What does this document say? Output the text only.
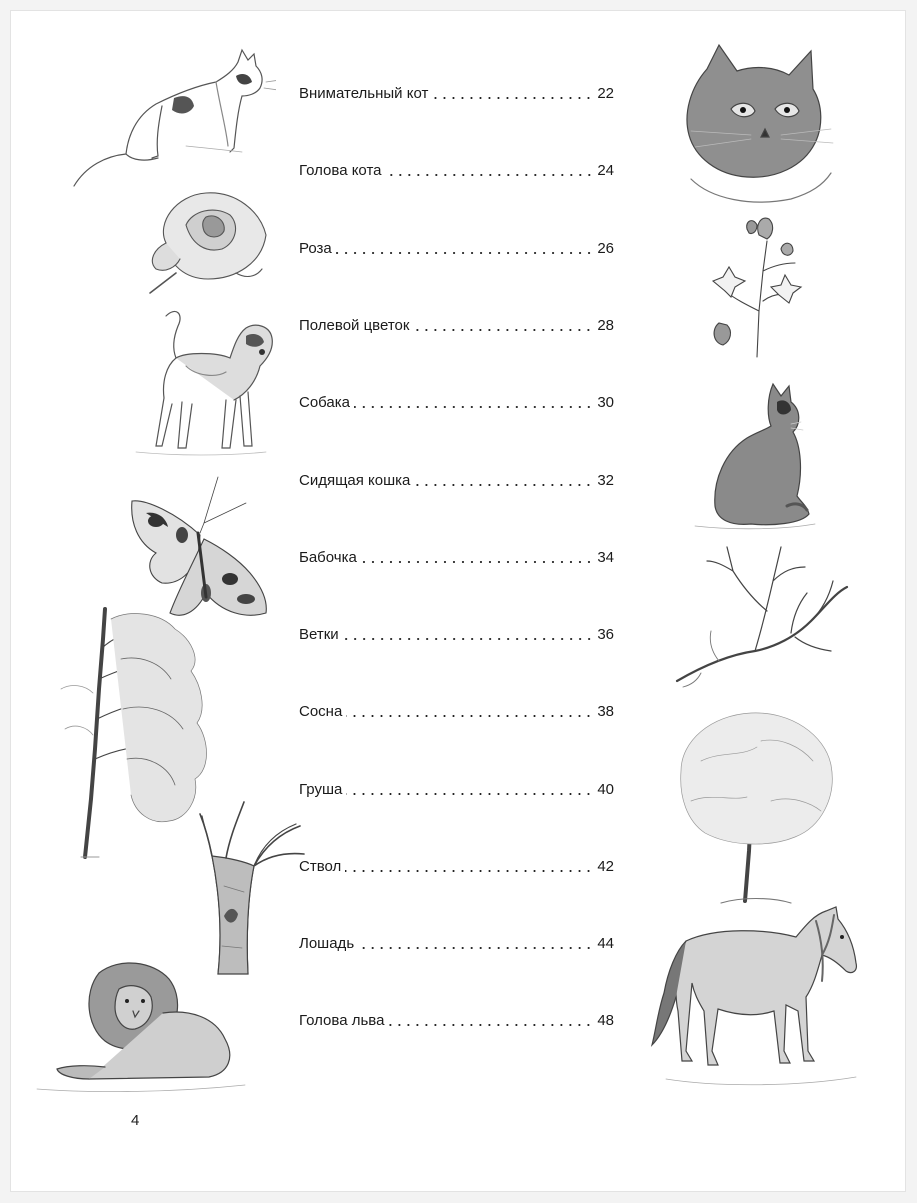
Внимательный кот	22
Голова кота	24
Роза	26
Полевой цветок	28
Собака	30
Сидящая кошка	32
Бабочка	34
Ветки	36
Сосна	38
Груша	40
Ствол	42
Лошадь	44
Голова льва	48
4
